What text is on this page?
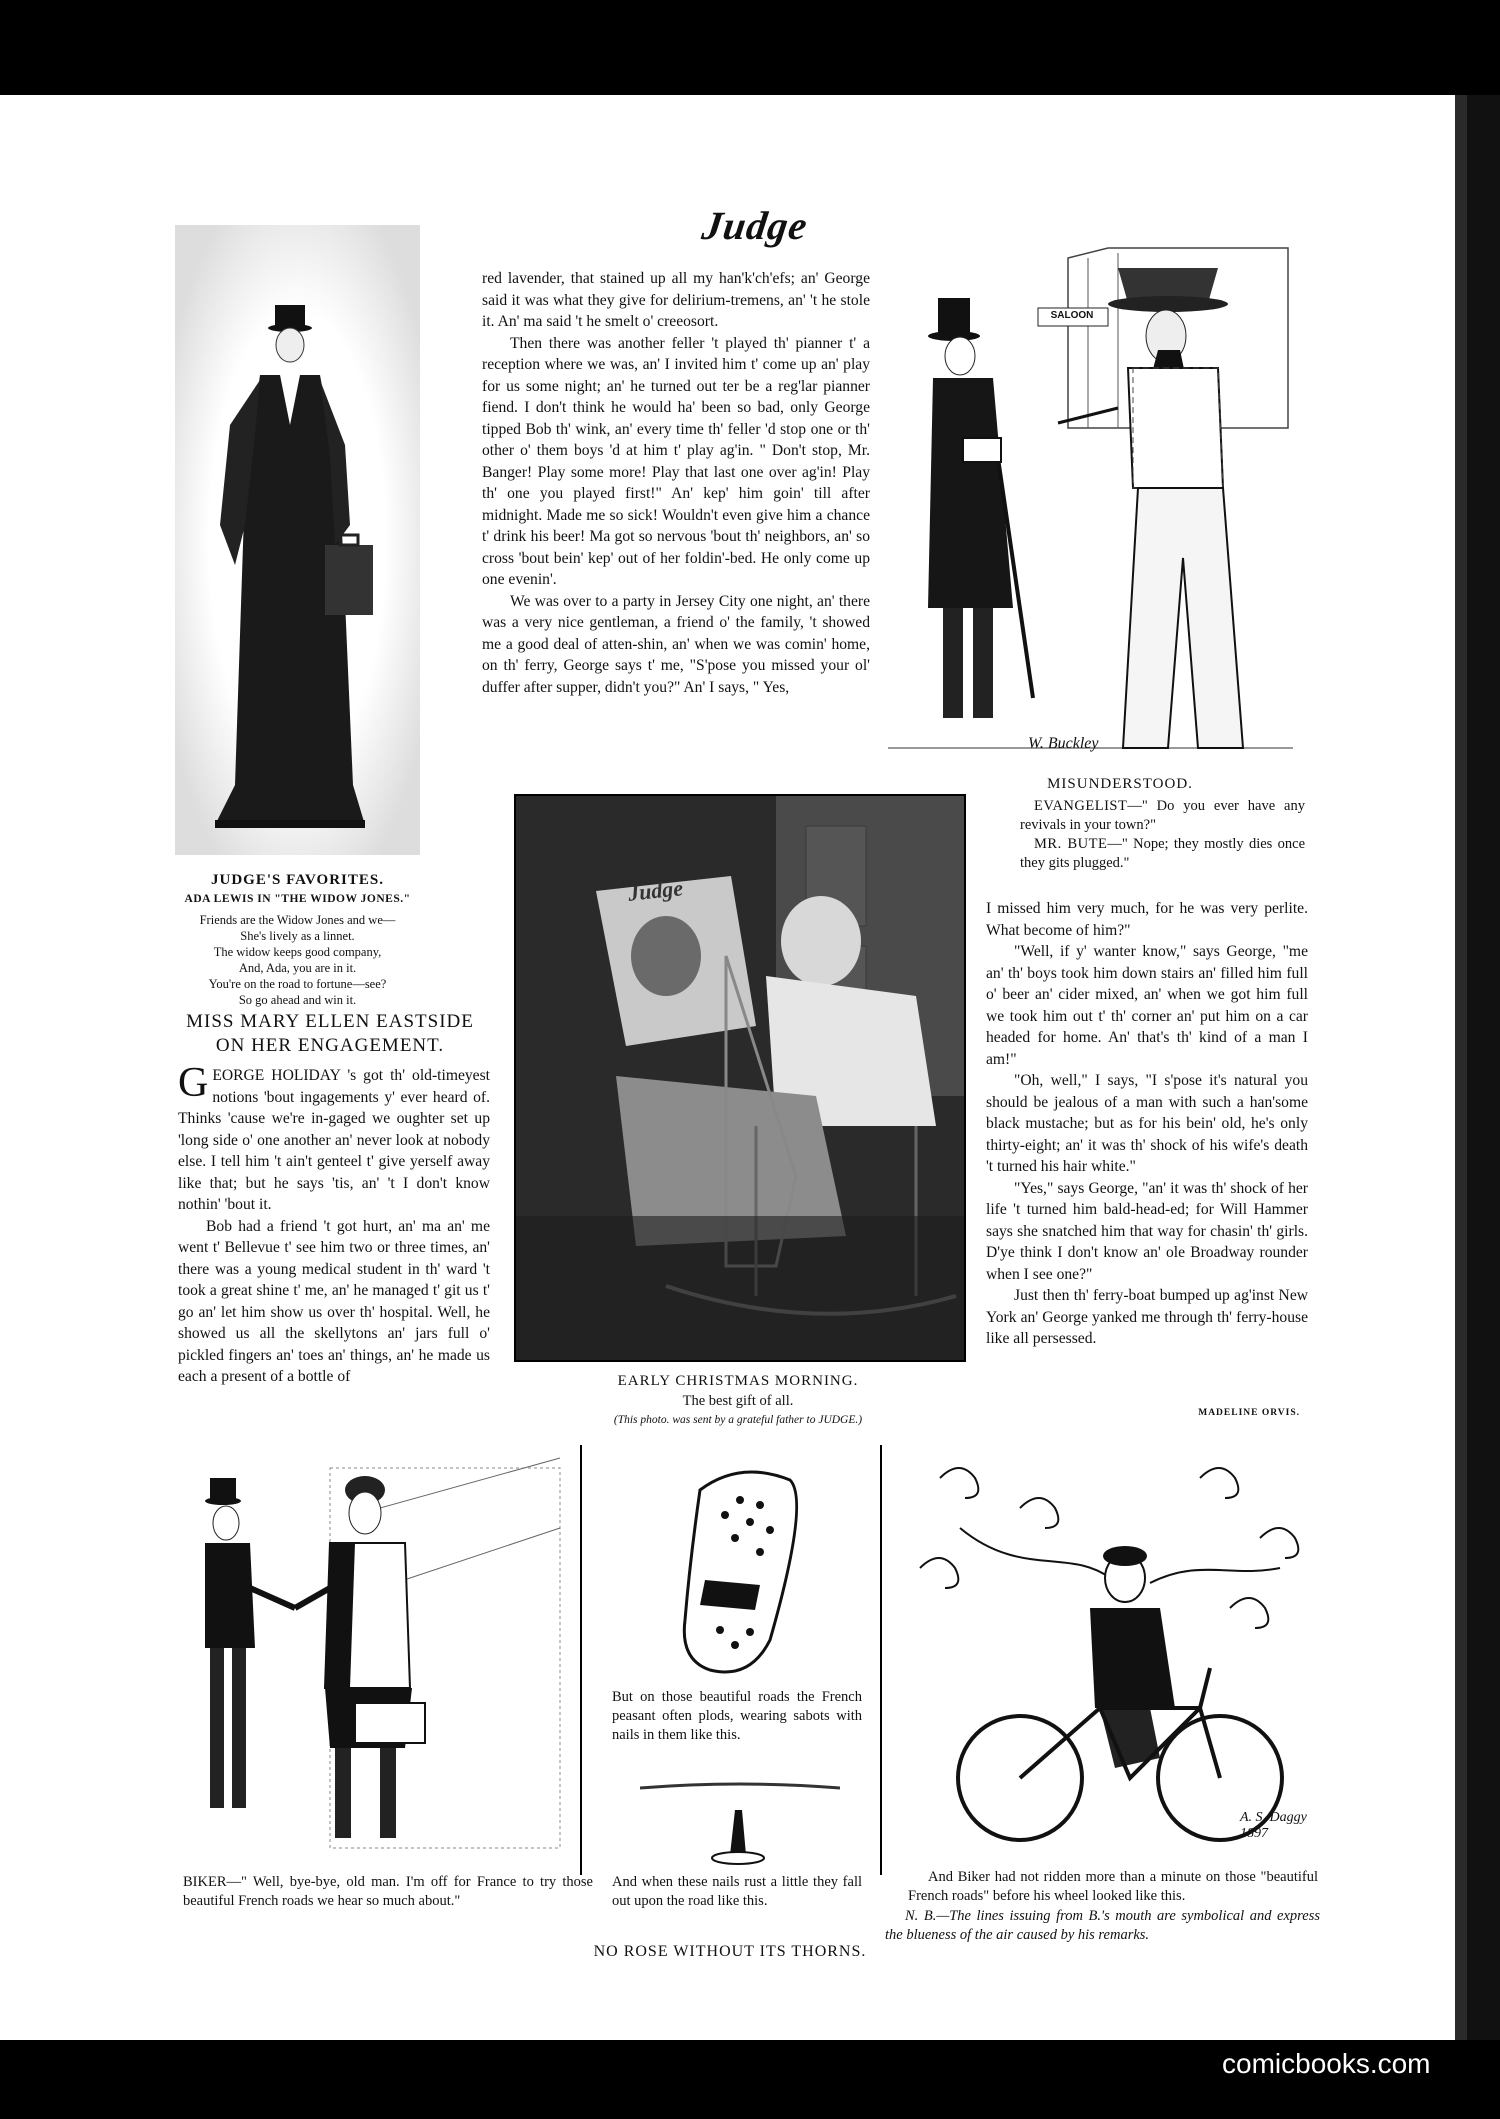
Judge
JUDGE'S FAVORITES.
ADA LEWIS IN "THE WIDOW JONES."
Friends are the Widow Jones and we—
She's lively as a linnet.
The widow keeps good company,
And, Ada, you are in it.
You're on the road to fortune—see?
So go ahead and win it.
MISS MARY ELLEN EASTSIDE
ON HER ENGAGEMENT.

GEORGE HOLIDAY 's got th' old-timeyest notions 'bout ingagements y' ever heard of. Thinks 'cause we're in-gaged we oughter set up 'long side o' one another an' never look at nobody else. I tell him 't ain't genteel t' give yerself away like that; but he says 'tis, an' 't I don't know nothin' 'bout it.

Bob had a friend 't got hurt, an' ma an' me went t' Bellevue t' see him two or three times, an' there was a young medical student in th' ward 't took a great shine t' me, an' he managed t' git us t' go an' let him show us over th' hospital. Well, he showed us all the skellytons an' jars full o' pickled fingers an' toes an' things, an' he made us each a present of a bottle of

red lavender, that stained up all my han'k'ch'efs; an' George said it was what they give for delirium-tremens, an' 't he stole it. An' ma said 't he smelt o' creeosort.

Then there was another feller 't played th' pianner t' a reception where we was, an' I invited him t' come up an' play for us some night; an' he turned out ter be a reg'lar pianner fiend. I don't think he would ha' been so bad, only George tipped Bob th' wink, an' every time th' feller 'd stop one or th' other o' them boys 'd at him t' play ag'in. " Don't stop, Mr. Banger! Play some more! Play that last one over ag'in! Play th' one you played first!" An' kep' him goin' till after midnight. Made me so sick! Wouldn't even give him a chance t' drink his beer! Ma got so nervous 'bout th' neighbors, an' so cross 'bout bein' kep' out of her foldin'-bed. He only come up one evenin'.

We was over to a party in Jersey City one night, an' there was a very nice gentleman, a friend o' the family, 't showed me a good deal of atten-shin, an' when we was comin' home, on th' ferry, George says t' me, "S'pose you missed your ol' duffer after supper, didn't you?" An' I says, " Yes,

SALOON
W. Buckley
MISUNDERSTOOD.

EVANGELIST—" Do you ever have any revivals in your town?"

MR. BUTE—" Nope; they mostly dies once they gits plugged."

Judge
EARLY CHRISTMAS MORNING.
The best gift of all.
(This photo. was sent by a grateful father to JUDGE.)

I missed him very much, for he was very perlite. What become of him?"

"Well, if y' wanter know," says George, "me an' th' boys took him down stairs an' filled him full o' beer an' cider mixed, an' when we got him full we took him out t' th' corner an' put him on a car headed for home. An' that's th' kind of a man I am!"

"Oh, well," I says, "I s'pose it's natural you should be jealous of a man with such a han'some black mustache; but as for his bein' old, he's only thirty-eight; an' it was th' shock of his wife's death 't turned his hair white."

"Yes," says George, "an' it was th' shock of her life 't turned him bald-head-ed; for Will Hammer says she snatched him that way for chasin' th' girls. D'ye think I don't know an' ole Broadway rounder when I see one?"

Just then th' ferry-boat bumped up ag'inst New York an' George yanked me through th' ferry-house like all persessed.

MADELINE ORVIS.
BIKER—" Well, bye-bye, old man. I'm off for France to try those beautiful French roads we hear so much about."
But on those beautiful roads the French peasant often plods, wearing sabots with nails in them like this.
And when these nails rust a little they fall out upon the road like this.
A. S. Daggy 1897
And Biker had not ridden more than a minute on those "beautiful French roads" before his wheel looked like this.
N. B.—The lines issuing from B.'s mouth are symbolical and express the blueness of the air caused by his remarks.
NO ROSE WITHOUT ITS THORNS.
comicbooks.com
